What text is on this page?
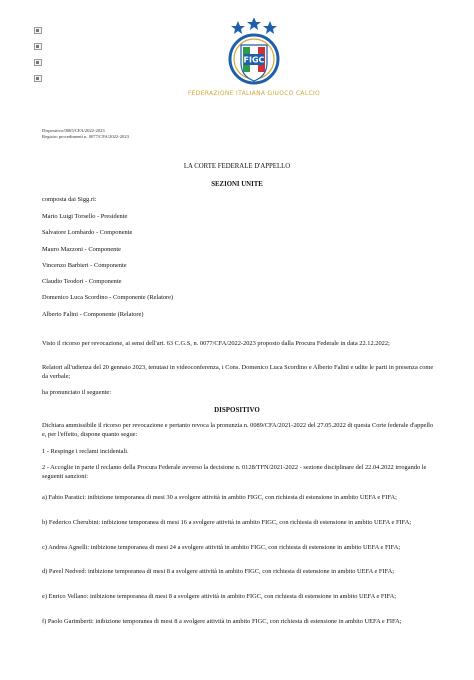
FIGC
FEDERAZIONE ITALIANA GIUOCO CALCIO
Dispositivo/0065/CFA/2022-2023
Registro procedimenti n. 0077/CFA/2022-2023
LA CORTE FEDERALE D'APPELLO
SEZIONI UNITE
composta dai Sigg.ri:
Mario Luigi Torsello - Presidente
Salvatore Lombardo - Componente
Mauro Mazzoni - Componente
Vincenzo Barbieri - Componente
Claudio Teodori - Componente
Domenico Luca Scordino - Componente (Relatore)
Alberto Falini - Componente (Relatore)
Visto il ricorso per revocazione, ai sensi dell'art. 63 C.G.S, n. 0077/CFA/2022-2023 proposto dalla Procura Federale in data 22.12.2022;
Relatori all'udienza del 20 gennaio 2023, tenutasi in videoconferenza, i Cons. Domenico Luca Scordino e Alberto Falini e udite le parti in presenza come da verbale;
ha pronunciato il seguente:
DISPOSITIVO
Dichiara ammissibile il ricorso per revocazione e pertanto revoca la pronunzia n. 0089/CFA/2021-2022 del 27.05.2022 di questa Corte federale d'appello e, per l'effetto, dispone quanto segue:
1 - Respinge i reclami incidentali.
2 - Accoglie in parte il reclamo della Procura Federale avverso la decisione n. 0128/TFN/2021-2022 - sezione disciplinare del 22.04.2022 irrogando le seguenti sanzioni:
a) Fabio Paratici: inibizione temporanea di mesi 30 a svolgere attività in ambito FIGC, con richiesta di estensione in ambito UEFA e FIFA;
b) Federico Cherubini: inibizione temporanea di mesi 16 a svolgere attività in ambito FIGC, con richiesta di estensione in ambito UEFA e FIFA;
c) Andrea Agnelli: inibizione temporanea di mesi 24 a svolgere attività in ambito FIGC, con richiesta di estensione in ambito UEFA e FIFA;
d) Pavel Nedved: inibizione temporanea di mesi 8 a svolgere attività in ambito FIGC, con richiesta di estensione in ambito UEFA e FIFA;
e) Enrico Vellano: inibizione temporanea di mesi 8 a svolgere attività in ambito FIGC, con richiesta di estensione in ambito UEFA e FIFA;
f) Paolo Garimberti: inibizione temporanea di mesi 8 a svolgere attività in ambito FIGC, con richiesta di estensione in ambito UEFA e FIFA;
